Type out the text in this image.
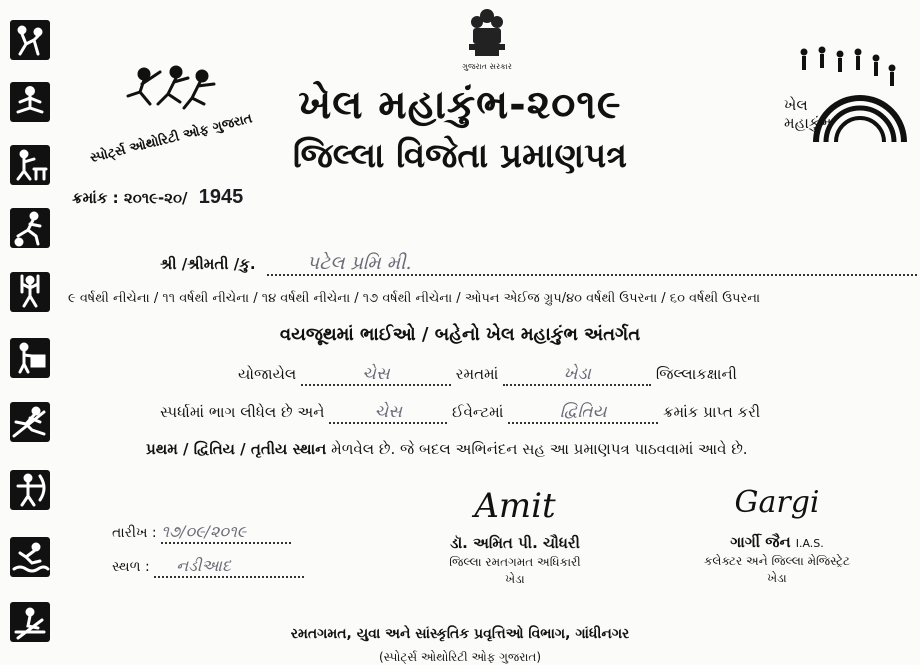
સ્પોર્ટ્સ ઓથોરિટી ઓફ ગુજરાત
ગુજરાત સરકાર
ખેલ મહાકુંભ
ખેલ મહાકુંભ-૨૦૧૯
જિલ્લા વિજેતા પ્રમાણપત્ર
ક્રમાંક : ૨૦૧૯-૨૦/ 1945
શ્રી /શ્રીમતી /કુ.	પટેલ પ્રમિ મી.
૯ વર્ષથી નીચેના / ૧૧ વર્ષથી નીચેના / ૧૪ વર્ષથી નીચેના / ૧૭ વર્ષથી નીચેના / ઓપન એઈજ ગ્રુપ/૪૦ વર્ષથી ઉપરના / ૬૦ વર્ષથી ઉપરના
વયજૂથમાં ભાઈઓ / બહેનો ખેલ મહાકુંભ અંતર્ગત
યોજાયેલ	ચેસ	રમતમાં	ખેડા	જિલ્લાકક્ષાની
સ્પર્ધામાં ભાગ લીધેલ છે અને	ચેસ	ઈવેન્ટમાં	દ્વિતિય	ક્રમાંક પ્રાપ્ત કરી
પ્રથમ / દ્વિતિય / તૃતીય સ્થાન મેળવેલ છે. જે બદલ અભિનંદન સહ આ પ્રમાણપત્ર પાઠવવામાં આવે છે.
તારીખ : ૧૭/૦૯/૨૦૧૯
સ્થળ : નડીઆદ
Amit
ડૉ. અમિત પી. ચૌધરી
જિલ્લા રમતગમત અધિકારી
ખેડા
Gargi
ગાર્ગી જૈન I.A.S.
કલેક્ટર અને જિલ્લા મેજિસ્ટ્રેટ
ખેડા
રમતગમત, યુવા અને સાંસ્કૃતિક પ્રવૃત્તિઓ વિભાગ, ગાંધીનગર
(સ્પોર્ટ્સ ઓથોરિટી ઓફ ગુજરાત)
